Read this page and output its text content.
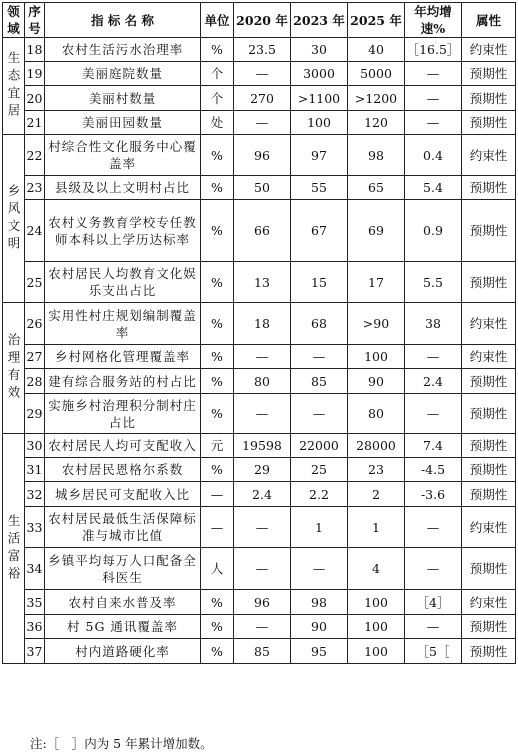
领域	序号	指 标 名 称	单位	2020 年	2023 年	2025 年	年均增速%	属性
生态宜居	18	农村生活污水治理率	%	23.5	30	40	［16.5］	约束性
	19	美丽庭院数量	个	—	3000	5000	—	预期性
	20	美丽村数量	个	270	>1100	>1200	—	预期性
	21	美丽田园数量	处	—	100	120	—	预期性
乡风文明	22	村综合性文化服务中心覆盖率	%	96	97	98	0.4	约束性
	23	县级及以上文明村占比	%	50	55	65	5.4	预期性
	24	农村义务教育学校专任教师本科以上学历达标率	%	66	67	69	0.9	预期性
	25	农村居民人均教育文化娱乐支出占比	%	13	15	17	5.5	预期性
治理有效	26	实用性村庄规划编制覆盖率	%	18	68	>90	38	约束性
	27	乡村网格化管理覆盖率	%	—	—	100	—	约束性
	28	建有综合服务站的村占比	%	80	85	90	2.4	预期性
	29	实施乡村治理积分制村庄占比	%	—	—	80	—	预期性
生活富裕	30	农村居民人均可支配收入	元	19598	22000	28000	7.4	预期性
	31	农村居民恩格尔系数	%	29	25	23	-4.5	预期性
	32	城乡居民可支配收入比	—	2.4	2.2	2	-3.6	预期性
	33	农村居民最低生活保障标准与城市比值	—	—	1	1	—	约束性
	34	乡镇平均每万人口配备全科医生	人	—	—	4	—	预期性
	35	农村自来水普及率	%	96	98	100	［4］	约束性
	36	村 5G 通讯覆盖率	%	—	90	100	—	预期性
	37	村内道路硬化率	%	85	95	100	［5［	预期性
注:［　］内为 5 年累计增加数。
